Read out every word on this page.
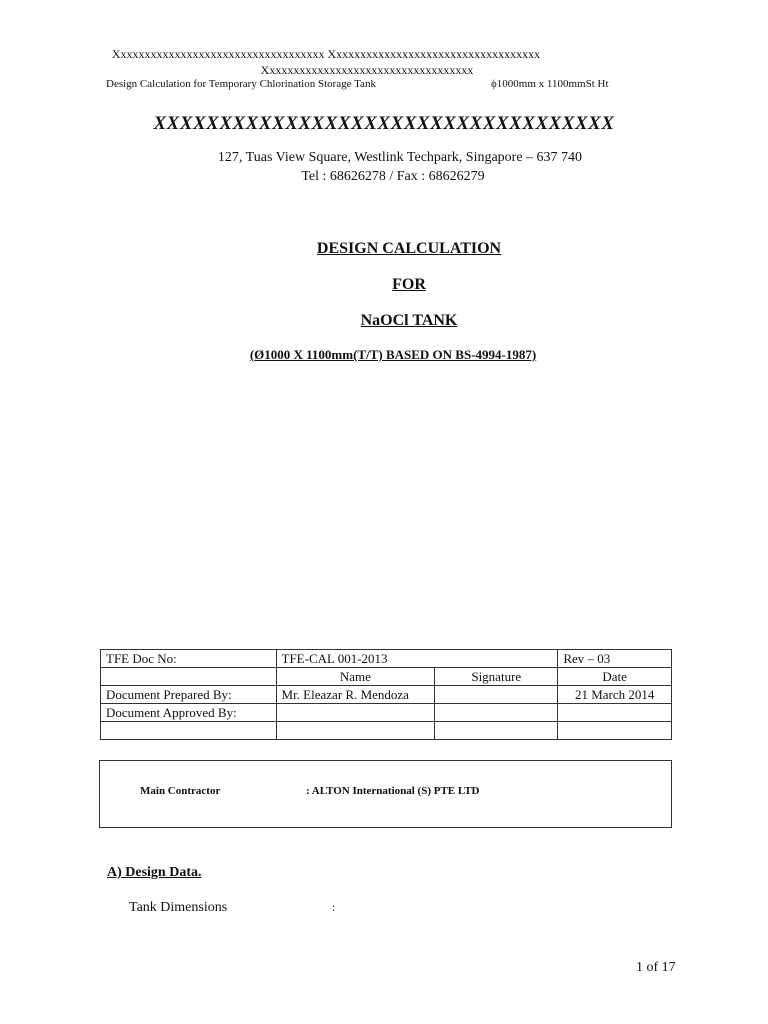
Xxxxxxxxxxxxxxxxxxxxxxxxxxxxxxxxxxx Xxxxxxxxxxxxxxxxxxxxxxxxxxxxxxxxxxx
Xxxxxxxxxxxxxxxxxxxxxxxxxxxxxxxxxxx
Design Calculation for Temporary Chlorination Storage Tank	ϕ1000mm x 1100mmSt Ht
XXXXXXXXXXXXXXXXXXXXXXXXXXXXXXXXXXX
127, Tuas View Square, Westlink Techpark, Singapore – 637 740
Tel : 68626278 / Fax : 68626279
DESIGN CALCULATION
FOR
NaOCl TANK
(Ø1000 X 1100mm(T/T) BASED ON BS-4994-1987)
TFE Doc No:	TFE-CAL 001-2013		Rev – 03
	Name	Signature	Date
Document Prepared By:	Mr. Eleazar R. Mendoza		21 March 2014
Document Approved By:			

Main Contractor	: ALTON International (S) PTE LTD
A) Design Data.
Tank Dimensions	:
1 of 17
